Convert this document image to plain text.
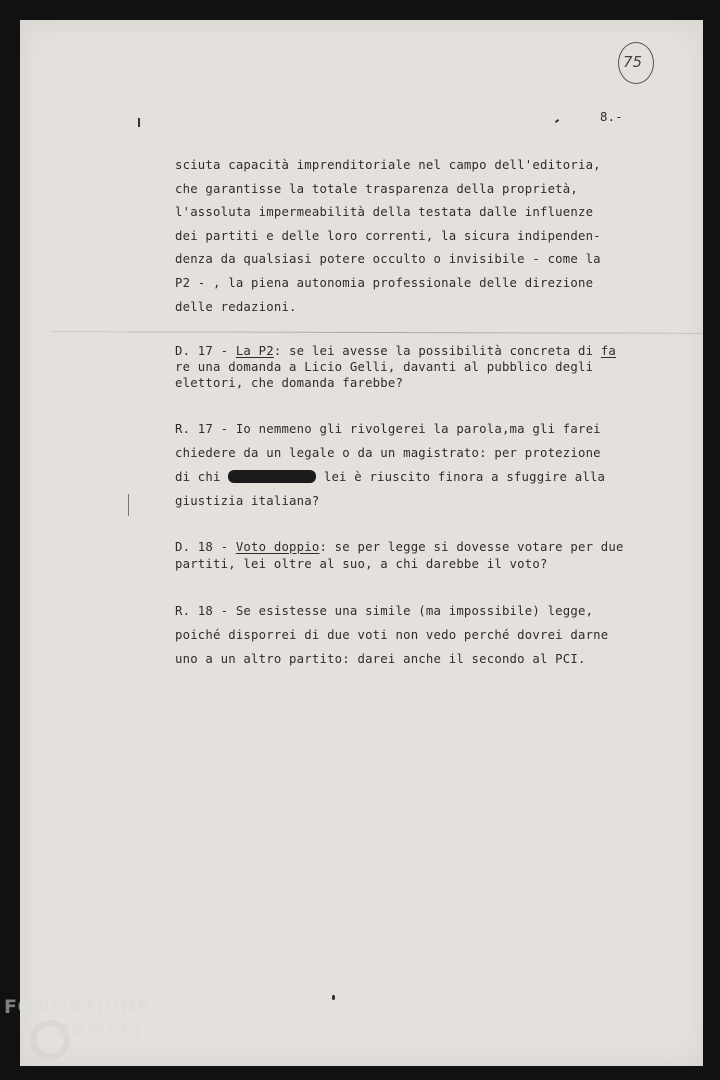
75
8.-
sciuta capacità imprenditoriale nel campo dell'editoria,
che garantisse la totale trasparenza della proprietà,
l'assoluta impermeabilità della testata dalle influenze
dei partiti e delle loro correnti, la sicura indipenden-
denza da qualsiasi potere occulto o invisibile - come la
P2 - , la piena autonomia professionale delle direzione
delle redazioni.
D. 17 - La P2: se lei avesse la possibilità concreta di fa
re una domanda a Licio Gelli, davanti al pubblico degli
elettori, che domanda farebbe?
R. 17 - Io nemmeno gli rivolgerei la parola,ma gli farei
chiedere da un legale o da un magistrato: per protezione
di chi	lei è riuscito finora a sfuggire alla
giustizia italiana?
D. 18 - Voto doppio: se per legge si dovesse votare per due
partiti, lei oltre al suo, a chi darebbe il voto?
R. 18 - Se esistesse una simile (ma impossibile) legge,
poiché disporrei di due voti non vedo perché dovrei darne
uno a un altro partito: darei anche il secondo al PCI.
FONDAZIONE
RAMSCI
onlus
